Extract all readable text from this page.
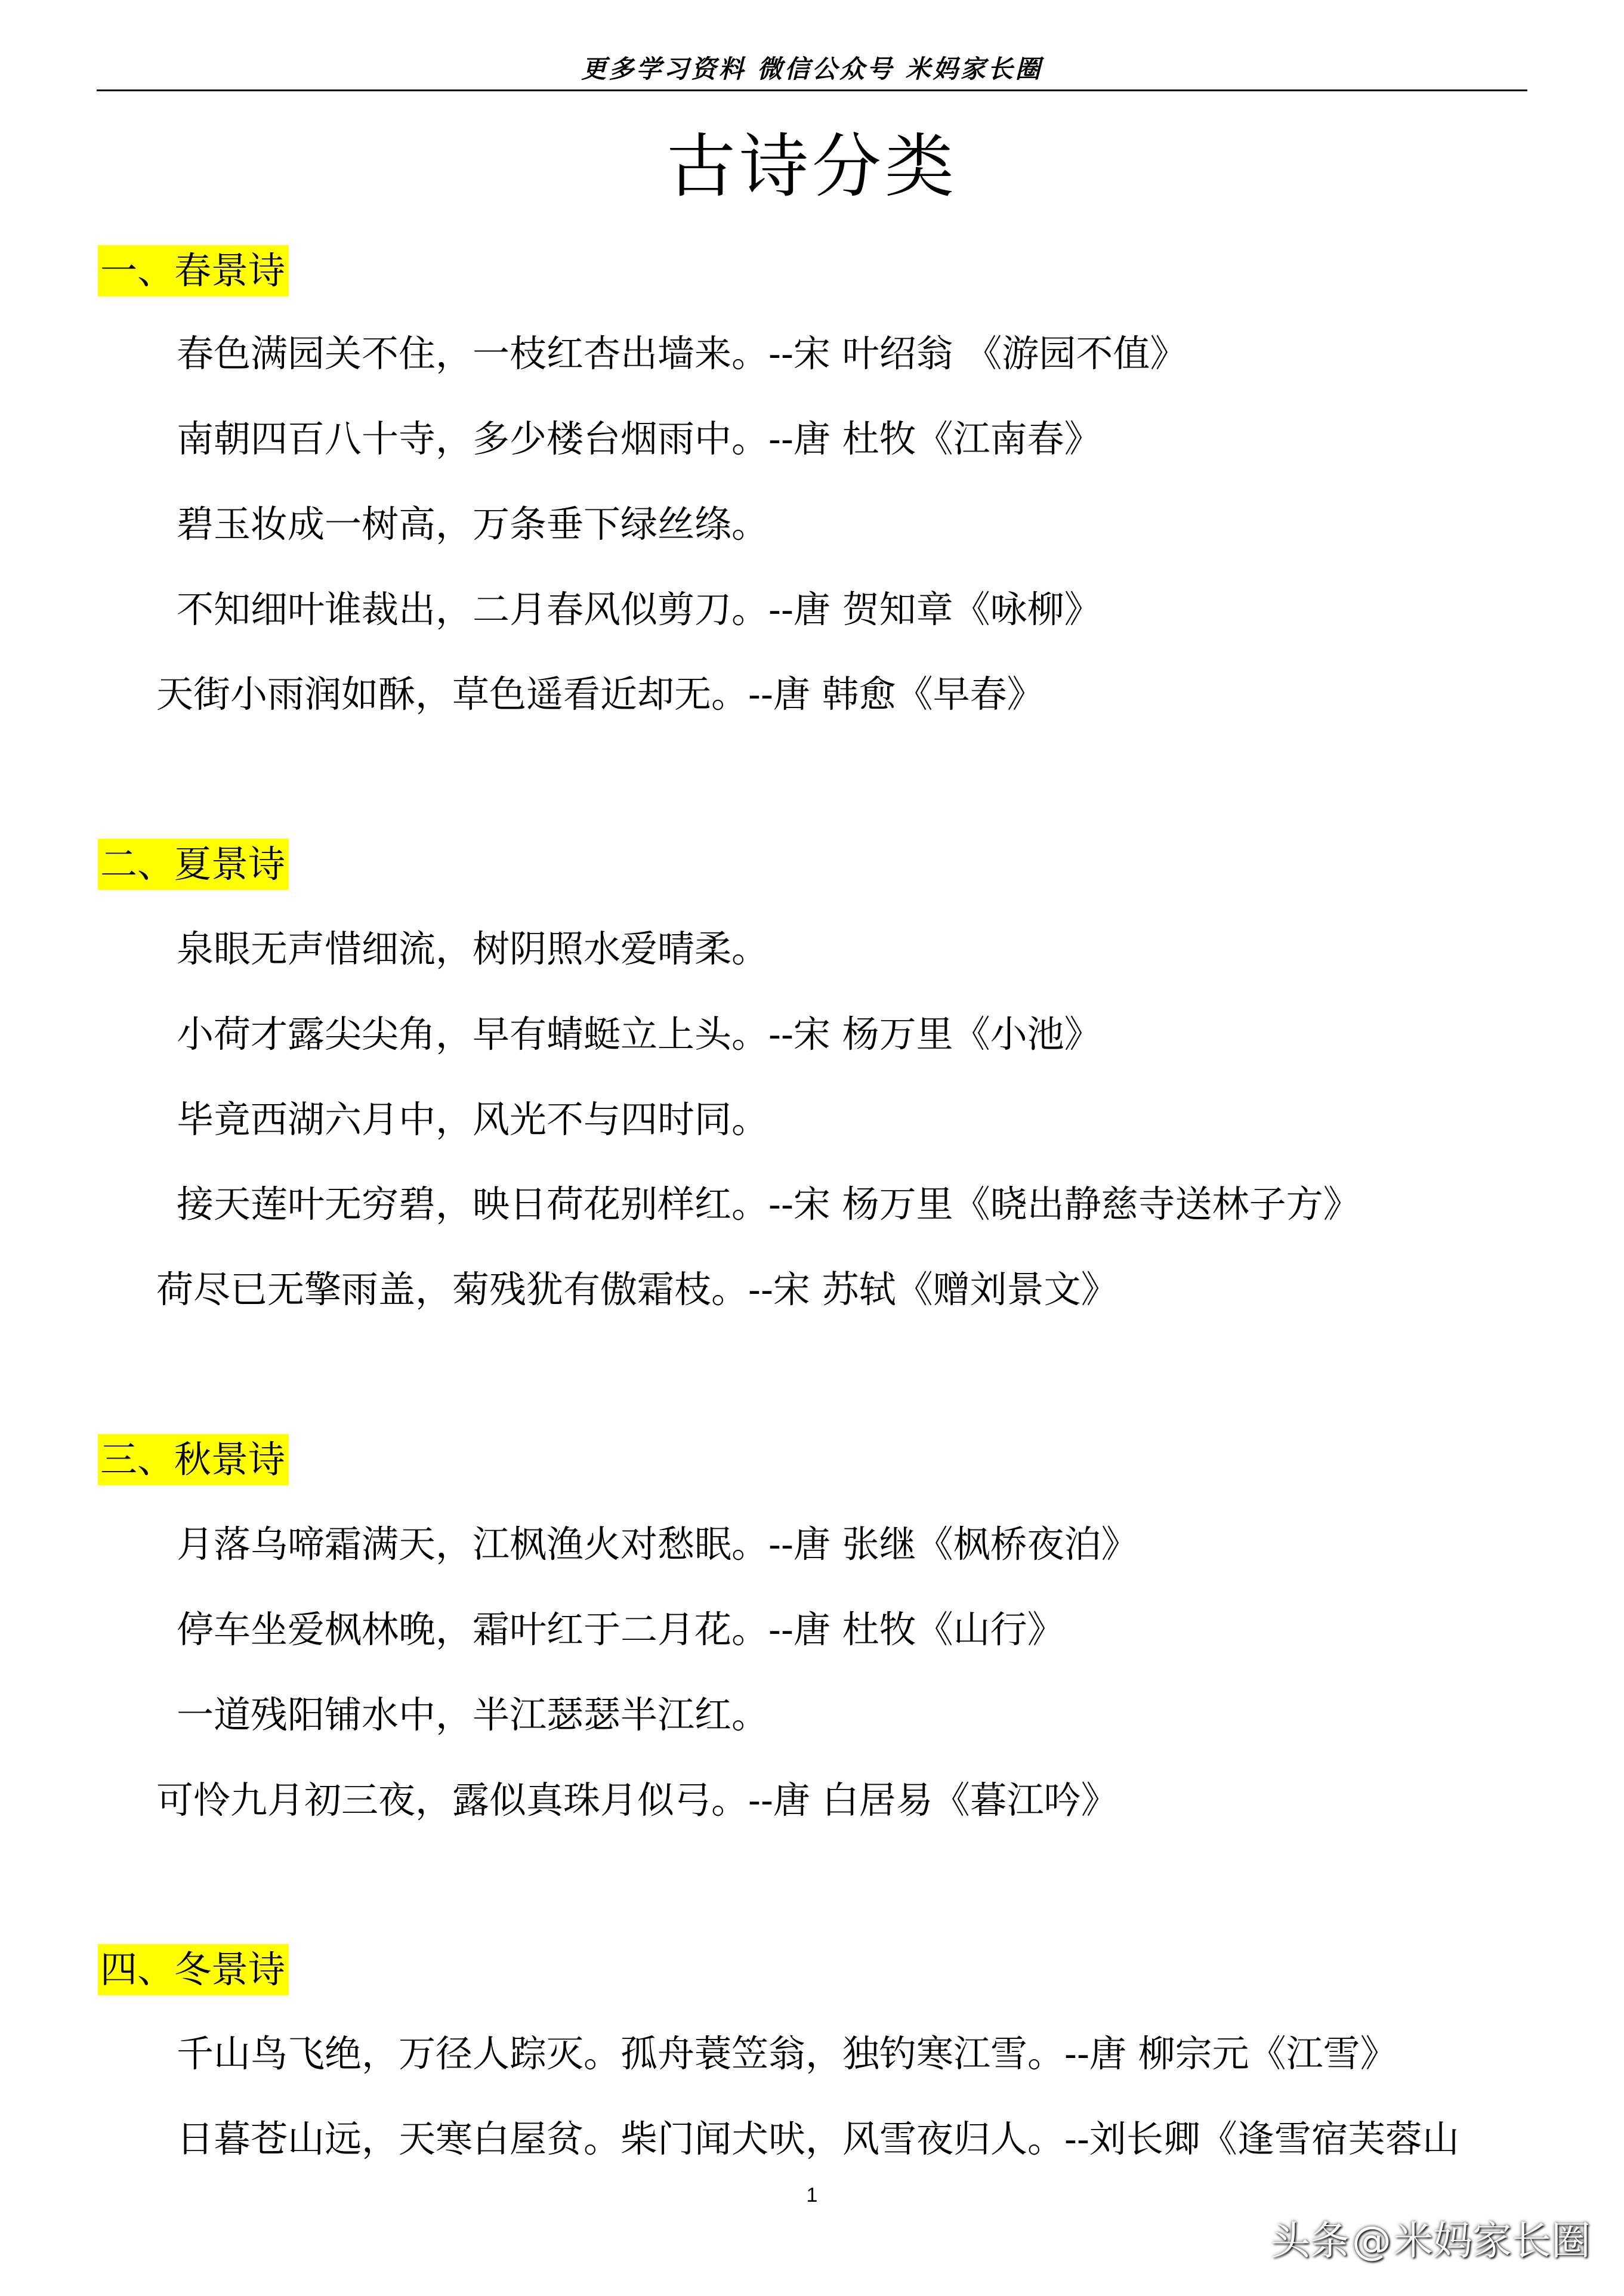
更多学习资料 微信公众号 米妈家长圈
古诗分类
一、春景诗
春色满园关不住，一枝红杏出墙来。--宋 叶绍翁 《游园不值》
南朝四百八十寺，多少楼台烟雨中。--唐 杜牧《江南春》
碧玉妆成一树高，万条垂下绿丝绦。
不知细叶谁裁出，二月春风似剪刀。--唐 贺知章《咏柳》
天街小雨润如酥，草色遥看近却无。--唐 韩愈《早春》
二、夏景诗
泉眼无声惜细流，树阴照水爱晴柔。
小荷才露尖尖角，早有蜻蜓立上头。--宋 杨万里《小池》
毕竟西湖六月中，风光不与四时同。
接天莲叶无穷碧，映日荷花别样红。--宋 杨万里《晓出静慈寺送林子方》
荷尽已无擎雨盖，菊残犹有傲霜枝。--宋 苏轼《赠刘景文》
三、秋景诗
月落乌啼霜满天，江枫渔火对愁眠。--唐 张继《枫桥夜泊》
停车坐爱枫林晚，霜叶红于二月花。--唐 杜牧《山行》
一道残阳铺水中，半江瑟瑟半江红。
可怜九月初三夜，露似真珠月似弓。--唐 白居易《暮江吟》
四、冬景诗
千山鸟飞绝，万径人踪灭。孤舟蓑笠翁，独钓寒江雪。--唐 柳宗元《江雪》
日暮苍山远，天寒白屋贫。柴门闻犬吠，风雪夜归人。--刘长卿《逢雪宿芙蓉山
1
头条 @ 米妈家长圈
